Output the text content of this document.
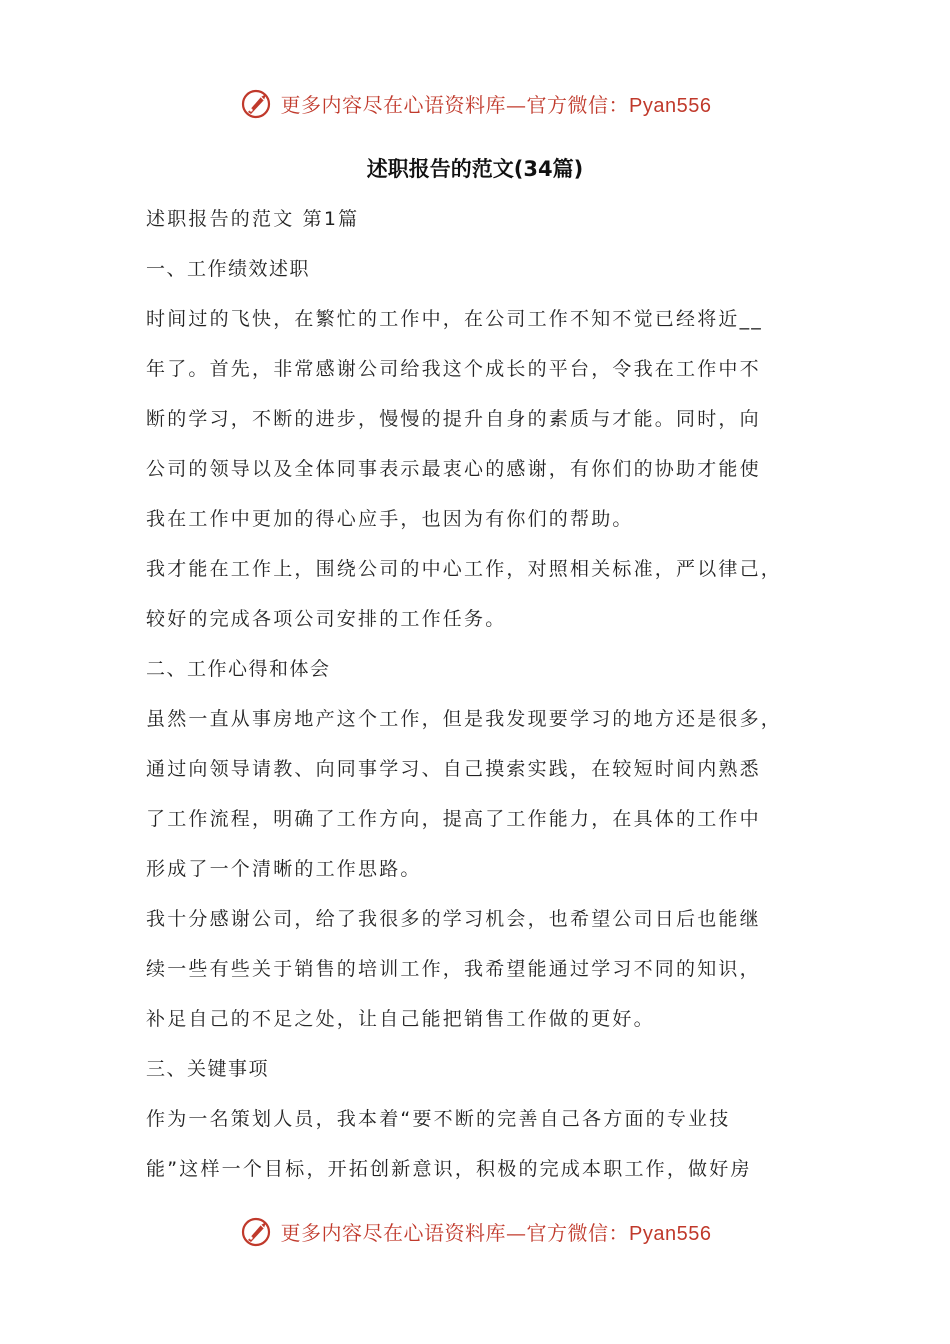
更多内容尽在心语资料库—官方微信：Pyan556
述职报告的范文(34篇)
述职报告的范文 第1篇
一、工作绩效述职
时间过的飞快，在繁忙的工作中，在公司工作不知不觉已经将近__
年了。首先，非常感谢公司给我这个成长的平台，令我在工作中不
断的学习，不断的进步，慢慢的提升自身的素质与才能。同时，向
公司的领导以及全体同事表示最衷心的感谢，有你们的协助才能使
我在工作中更加的得心应手，也因为有你们的帮助。
我才能在工作上，围绕公司的中心工作，对照相关标准，严以律己，
较好的完成各项公司安排的工作任务。
二、工作心得和体会
虽然一直从事房地产这个工作，但是我发现要学习的地方还是很多，
通过向领导请教、向同事学习、自己摸索实践，在较短时间内熟悉
了工作流程，明确了工作方向，提高了工作能力，在具体的工作中
形成了一个清晰的工作思路。
我十分感谢公司，给了我很多的学习机会，也希望公司日后也能继
续一些有些关于销售的培训工作，我希望能通过学习不同的知识，
补足自己的不足之处，让自己能把销售工作做的更好。
三、关键事项
作为一名策划人员，我本着“要不断的完善自己各方面的专业技
能”这样一个目标，开拓创新意识，积极的完成本职工作，做好房
更多内容尽在心语资料库—官方微信：Pyan556
